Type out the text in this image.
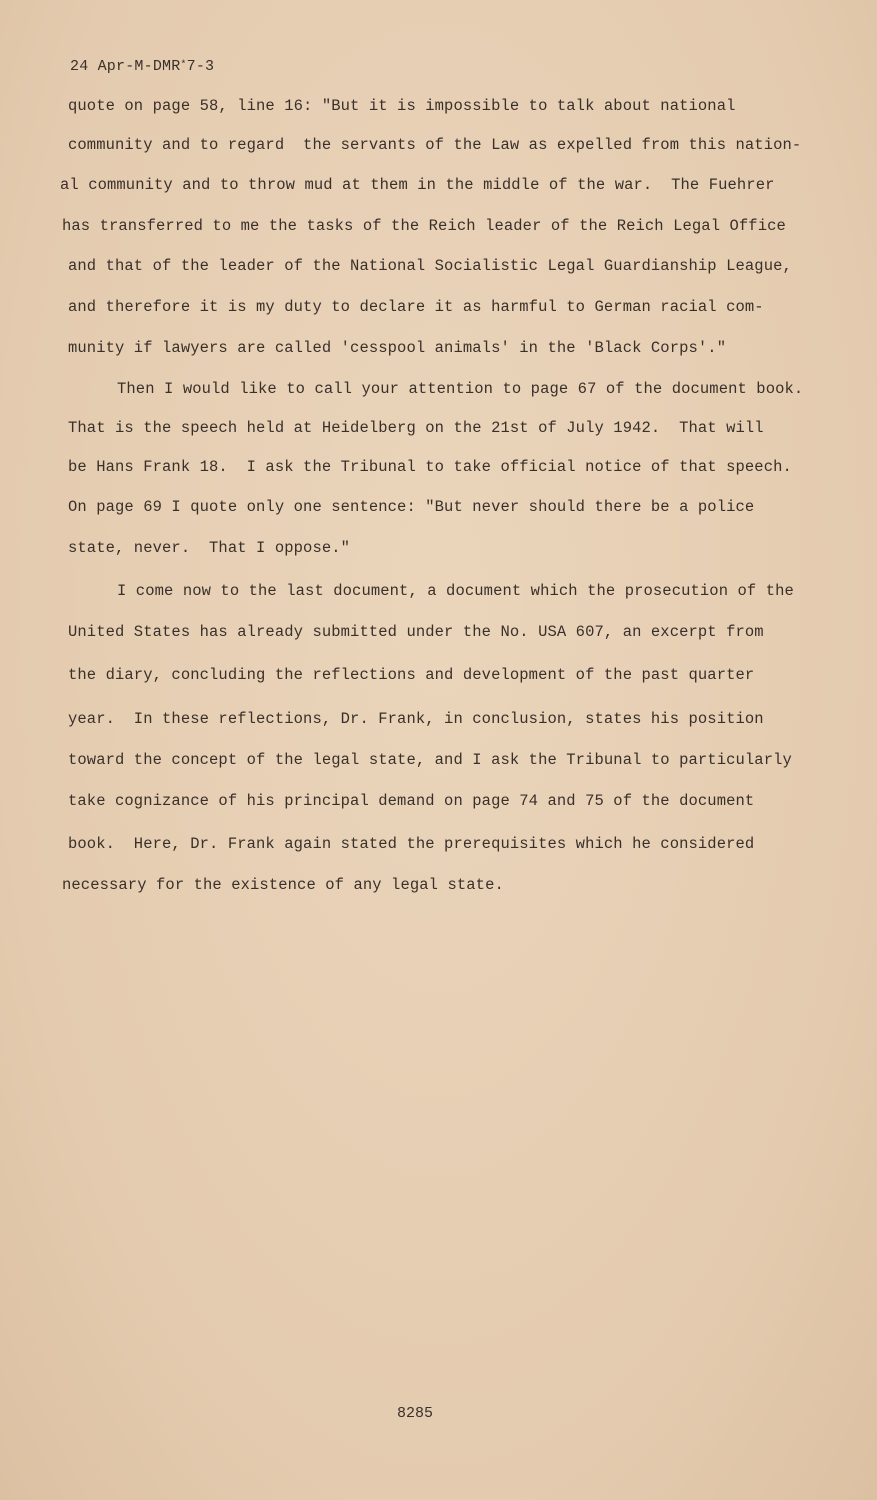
24 Apr-M-DMR*7-3
quote on page 58, line 16: "But it is impossible to talk about national
community and to regard  the servants of the Law as expelled from this nation-
al community and to throw mud at them in the middle of the war.  The Fuehrer
has transferred to me the tasks of the Reich leader of the Reich Legal Office
and that of the leader of the National Socialistic Legal Guardianship League,
and therefore it is my duty to declare it as harmful to German racial com-
munity if lawyers are called 'cesspool animals' in the 'Black Corps'."
Then I would like to call your attention to page 67 of the document book.
That is the speech held at Heidelberg on the 21st of July 1942.  That will
be Hans Frank 18.  I ask the Tribunal to take official notice of that speech.
On page 69 I quote only one sentence: "But never should there be a police
state, never.  That I oppose."
I come now to the last document, a document which the prosecution of the
United States has already submitted under the No. USA 607, an excerpt from
the diary, concluding the reflections and development of the past quarter
year.  In these reflections, Dr. Frank, in conclusion, states his position
toward the concept of the legal state, and I ask the Tribunal to particularly
take cognizance of his principal demand on page 74 and 75 of the document
book.  Here, Dr. Frank again stated the prerequisites which he considered
necessary for the existence of any legal state.
8285
